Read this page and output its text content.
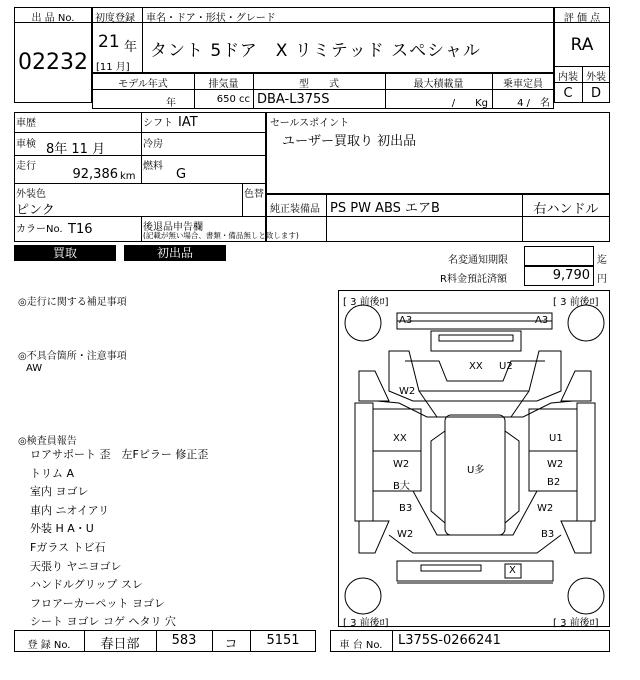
出 品 No.
02232
初度登録 車名・ドア・形状・グレード
21 年
[11 月]
タント 5ドア　X リミテッド スペシャル
評 価 点
RA
内装 外装
C	D
モデル年式	排気量	型　　式	最大積載量	乗車定員
年	650 cc DBA-L375S	/　　Kg	4 /　名
車歴	シフト IAT
車検 8年 11 月	冷房
走行
92,386 km
燃料
G
外装色
ピンク
色替
カラーNo. T16	後退品申告欄
(記載が無い場合、書類・備品無しと致します)
セールスポイント
ユーザー買取り 初出品
純正装備品 PS PW ABS エアB	右ハンドル
買取	初出品
名変通知期限	迄
R料金預託済額	9,790 円
◎走行に関する補足事項
◎不具合箇所・注意事項
AW
◎検査員報告
ロアサポート 歪　左Fピラー 修正歪
トリム A
室内 ヨゴレ
車内 ニオイアリ
外装 H A・U
Fガラス トビ石
天張り ヤニヨゴレ
ハンドルグリップ スレ
フロアーカーペット ヨゴレ
シート ヨゴレ コゲ ヘタリ 穴
[ 3 前後ﾛ]	[ 3 前後ﾛ]
[ 3 前後ﾛ]	[ 3 前後ﾛ]
A3	A3
XX U2
W2
XX	U1
W2
B大
U多
W2
B2
B3
W2
W2
B3
X
登 録 No.	春日部	583	コ	5151	車 台 No.	L375S-0266241
